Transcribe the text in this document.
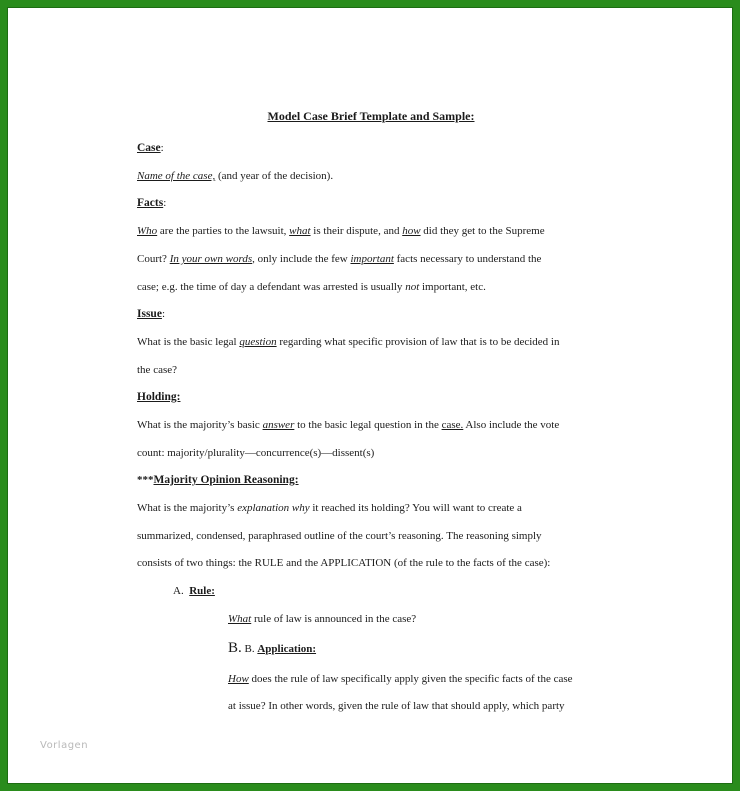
Model Case Brief Template and Sample:
Case:
Name of the case, (and year of the decision).
Facts:
Who are the parties to the lawsuit, what is their dispute, and how did they get to the Supreme
Court? In your own words, only include the few important facts necessary to understand the
case; e.g. the time of day a defendant was arrested is usually not important, etc.
Issue:
What is the basic legal question regarding what specific provision of law that is to be decided in
the case?
Holding:
What is the majority’s basic answer to the basic legal question in the case. Also include the vote
count: majority/plurality—concurrence(s)—dissent(s)
***Majority Opinion Reasoning:
What is the majority’s explanation why it reached its holding? You will want to create a
summarized, condensed, paraphrased outline of the court’s reasoning. The reasoning simply
consists of two things: the RULE and the APPLICATION (of the rule to the facts of the case):
A. Rule:
What rule of law is announced in the case?
B. B. Application:
How does the rule of law specifically apply given the specific facts of the case
at issue? In other words, given the rule of law that should apply, which party
Vorlagen
